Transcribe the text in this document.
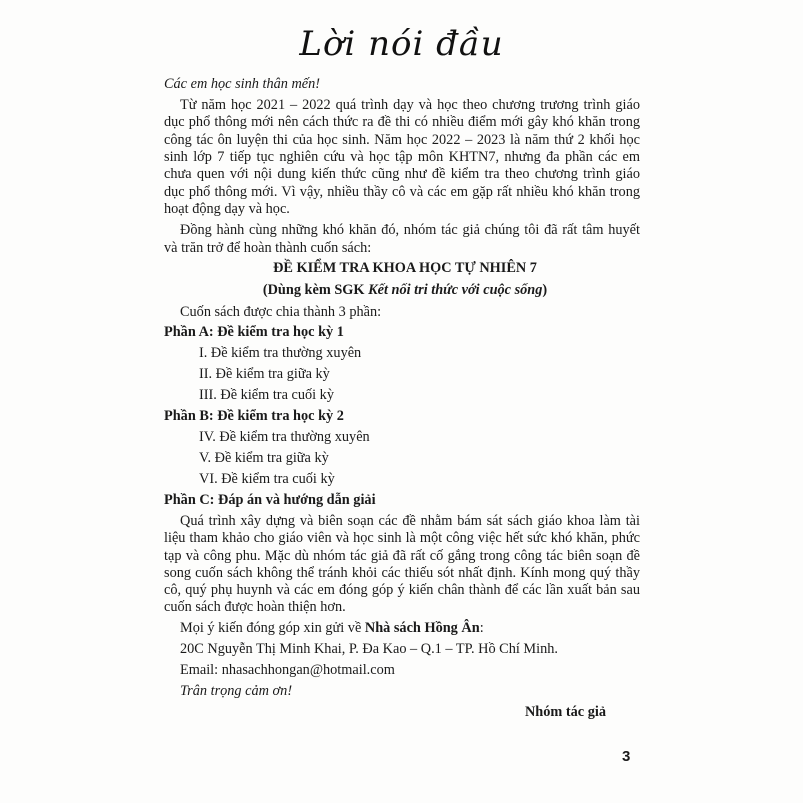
Lời nói đầu
Các em học sinh thân mến!
Từ năm học 2021 – 2022 quá trình dạy và học theo chương trương trình giáo
dục phổ thông mới nên cách thức ra đề thi có nhiều điểm mới gây khó khăn trong
công tác ôn luyện thi của học sinh. Năm học 2022 – 2023 là năm thứ 2 khối học
sinh lớp 7 tiếp tục nghiên cứu và học tập môn KHTN7, nhưng đa phần các em
chưa quen với nội dung kiến thức cũng như đề kiểm tra theo chương trình giáo
dục phổ thông mới. Vì vậy, nhiều thầy cô và các em gặp rất nhiều khó khăn trong
hoạt động dạy và học.
Đồng hành cùng những khó khăn đó, nhóm tác giả chúng tôi đã rất tâm huyết
và trăn trở để hoàn thành cuốn sách:
ĐỀ KIỂM TRA KHOA HỌC TỰ NHIÊN 7
(Dùng kèm SGK Kết nối tri thức với cuộc sống)
Cuốn sách được chia thành 3 phần:
Phần A: Đề kiểm tra học kỳ 1
I. Đề kiểm tra thường xuyên
II. Đề kiểm tra giữa kỳ
III. Đề kiểm tra cuối kỳ
Phần B: Đề kiểm tra học kỳ 2
IV. Đề kiểm tra thường xuyên
V. Đề kiểm tra giữa kỳ
VI. Đề kiểm tra cuối kỳ
Phần C: Đáp án và hướng dẫn giải
Quá trình xây dựng và biên soạn các đề nhằm bám sát sách giáo khoa làm tài
liệu tham khảo cho giáo viên và học sinh là một công việc hết sức khó khăn, phức
tạp và công phu. Mặc dù nhóm tác giả đã rất cố gắng trong công tác biên soạn đề
song cuốn sách không thể tránh khỏi các thiếu sót nhất định. Kính mong quý thầy
cô, quý phụ huynh và các em đóng góp ý kiến chân thành để các lần xuất bản sau
cuốn sách được hoàn thiện hơn.
Mọi ý kiến đóng góp xin gửi về Nhà sách Hồng Ân:
20C Nguyễn Thị Minh Khai, P. Đa Kao – Q.1 – TP. Hồ Chí Minh.
Email: nhasachhongan@hotmail.com
Trân trọng cảm ơn!
Nhóm tác giả
3
